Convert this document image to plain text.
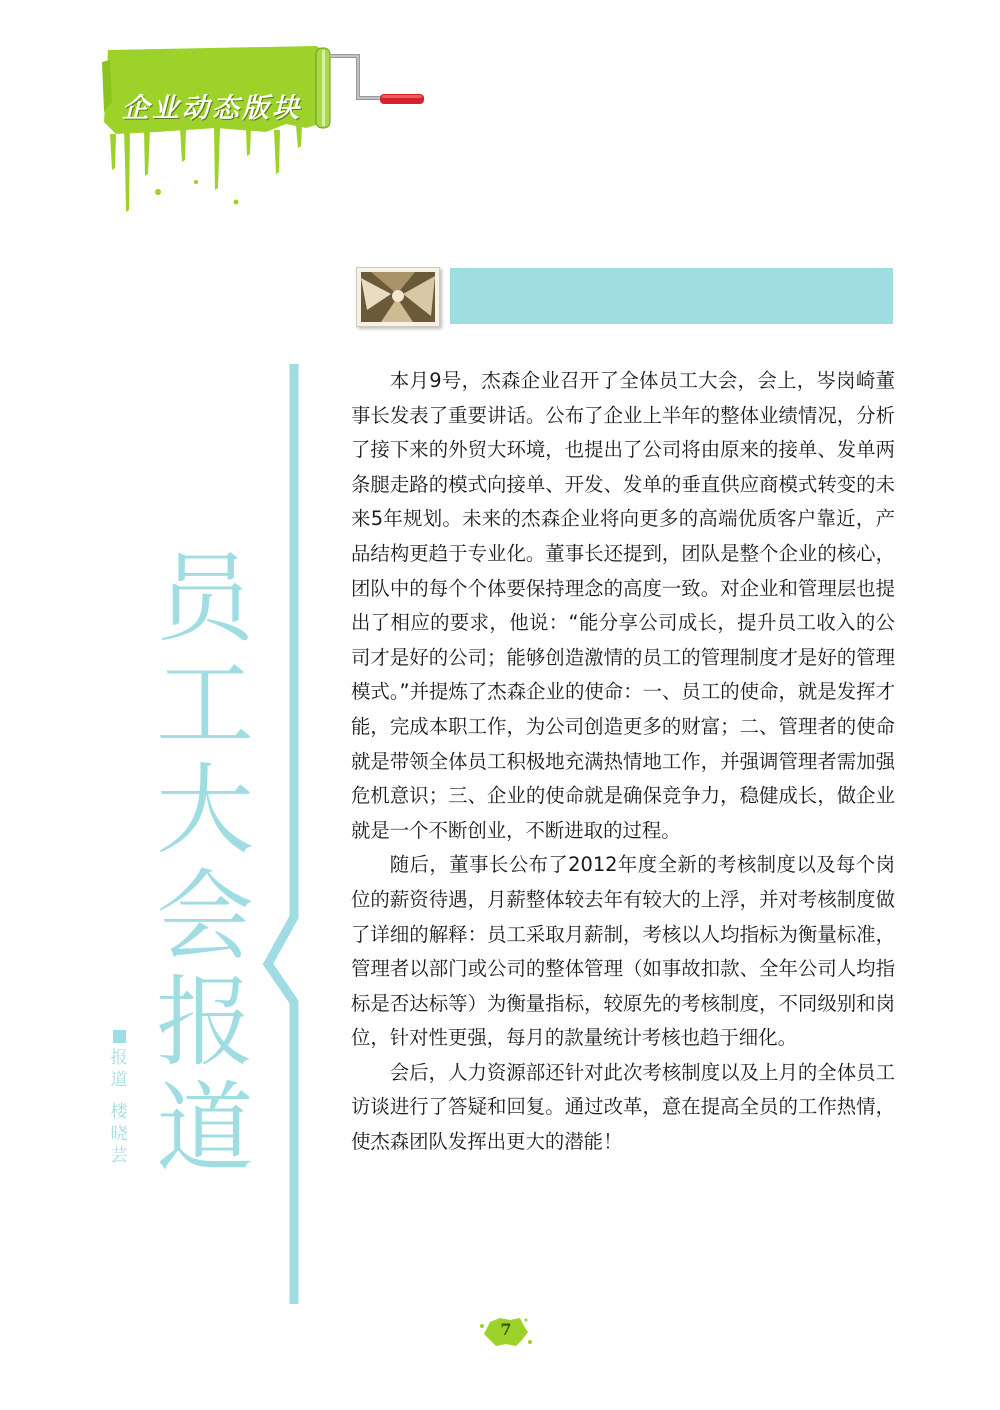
企业动态版块
员
工
大
会
报
道
报道
楼晓芸

本月9号，杰森企业召开了全体员工大会，会上，岑岗崎董事长发表了重要讲话。公布了企业上半年的整体业绩情况，分析了接下来的外贸大环境，也提出了公司将由原来的接单、发单两条腿走路的模式向接单、开发、发单的垂直供应商模式转变的未来5年规划。未来的杰森企业将向更多的高端优质客户靠近，产品结构更趋于专业化。董事长还提到，团队是整个企业的核心，团队中的每个个体要保持理念的高度一致。对企业和管理层也提出了相应的要求，他说：“能分享公司成长，提升员工收入的公司才是好的公司；能够创造激情的员工的管理制度才是好的管理模式。”并提炼了杰森企业的使命：一、员工的使命，就是发挥才能，完成本职工作，为公司创造更多的财富；二、管理者的使命就是带领全体员工积极地充满热情地工作，并强调管理者需加强危机意识；三、企业的使命就是确保竞争力，稳健成长，做企业就是一个不断创业，不断进取的过程。

随后，董事长公布了2012年度全新的考核制度以及每个岗位的薪资待遇，月薪整体较去年有较大的上浮，并对考核制度做了详细的解释：员工采取月薪制，考核以人均指标为衡量标准，管理者以部门或公司的整体管理（如事故扣款、全年公司人均指标是否达标等）为衡量指标，较原先的考核制度，不同级别和岗位，针对性更强，每月的款量统计考核也趋于细化。

会后，人力资源部还针对此次考核制度以及上月的全体员工访谈进行了答疑和回复。通过改革，意在提高全员的工作热情，使杰森团队发挥出更大的潜能！

7
